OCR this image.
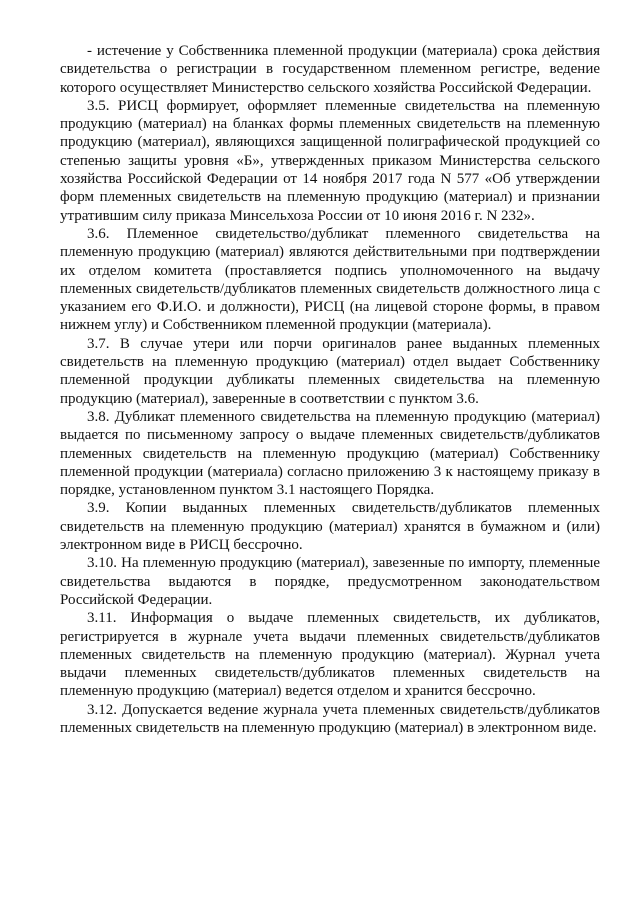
- истечение у Собственника племенной продукции (материала) срока действия свидетельства о регистрации в государственном племенном регистре, ведение которого осуществляет Министерство сельского хозяйства Российской Федерации.

3.5. РИСЦ формирует, оформляет племенные свидетельства на племенную продукцию (материал) на бланках формы племенных свидетельств на племенную продукцию (материал), являющихся защищенной полиграфической продукцией со степенью защиты уровня «Б», утвержденных приказом Министерства сельского хозяйства Российской Федерации от 14 ноября 2017 года N 577 «Об утверждении форм племенных свидетельств на племенную продукцию (материал) и признании утратившим силу приказа Минсельхоза России от 10 июня 2016 г. N 232».

3.6. Племенное свидетельство/дубликат племенного свидетельства на племенную продукцию (материал) являются действительными при подтверждении их отделом комитета (проставляется подпись уполномоченного на выдачу племенных свидетельств/дубликатов племенных свидетельств должностного лица с указанием его Ф.И.О. и должности), РИСЦ (на лицевой стороне формы, в правом нижнем углу) и Собственником племенной продукции (материала).

3.7. В случае утери или порчи оригиналов ранее выданных племенных свидетельств на племенную продукцию (материал) отдел выдает Собственнику племенной продукции дубликаты племенных свидетельства на племенную продукцию (материал), заверенные в соответствии с пунктом 3.6.

3.8. Дубликат племенного свидетельства на племенную продукцию (материал) выдается по письменному запросу о выдаче племенных свидетельств/дубликатов племенных свидетельств на племенную продукцию (материал) Собственнику племенной продукции (материала) согласно приложению 3 к настоящему приказу в порядке, установленном пунктом 3.1 настоящего Порядка.

3.9. Копии выданных племенных свидетельств/дубликатов племенных свидетельств на племенную продукцию (материал) хранятся в бумажном и (или) электронном виде в РИСЦ бессрочно.

3.10. На племенную продукцию (материал), завезенные по импорту, племенные свидетельства выдаются в порядке, предусмотренном законодательством Российской Федерации.

3.11. Информация о выдаче племенных свидетельств, их дубликатов, регистрируется в журнале учета выдачи племенных свидетельств/дубликатов племенных свидетельств на племенную продукцию (материал). Журнал учета выдачи племенных свидетельств/дубликатов племенных свидетельств на племенную продукцию (материал) ведется отделом и хранится бессрочно.

3.12. Допускается ведение журнала учета племенных свидетельств/дубликатов племенных свидетельств на племенную продукцию (материал) в электронном виде.
